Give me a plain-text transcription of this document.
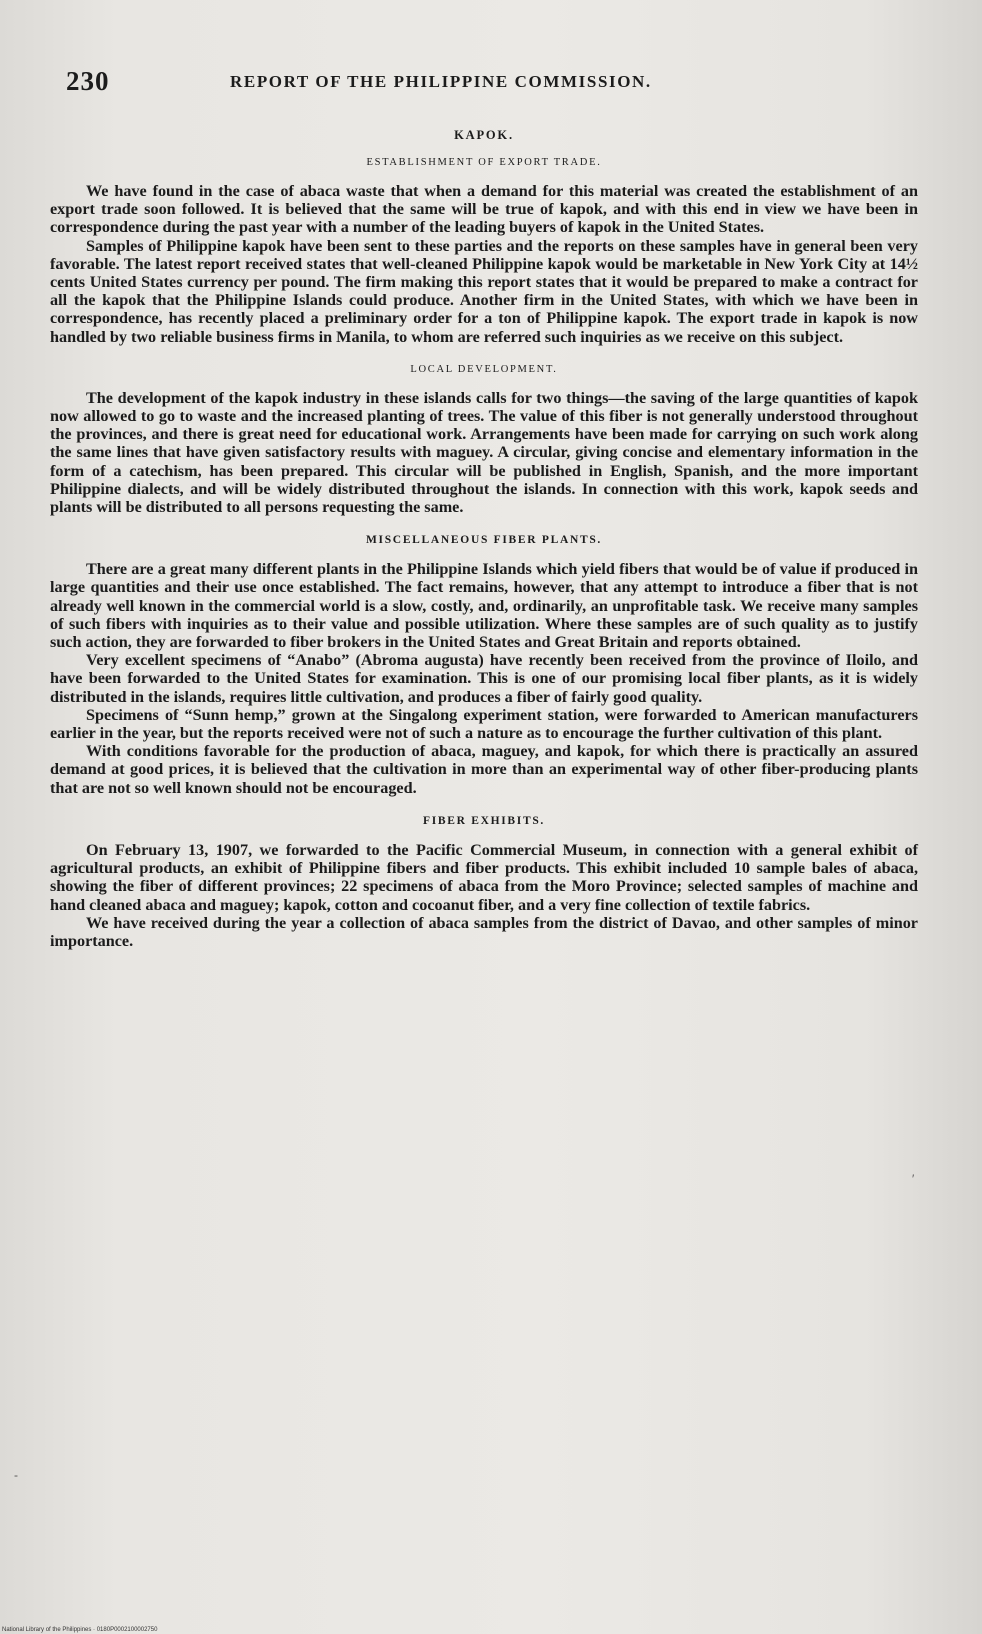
230	REPORT OF THE PHILIPPINE COMMISSION.
KAPOK.
ESTABLISHMENT OF EXPORT TRADE.

We have found in the case of abaca waste that when a demand for this material was created the establishment of an export trade soon followed. It is believed that the same will be true of kapok, and with this end in view we have been in correspondence during the past year with a number of the leading buyers of kapok in the United States.

Samples of Philippine kapok have been sent to these parties and the reports on these samples have in general been very favorable. The latest report received states that well-cleaned Philippine kapok would be marketable in New York City at 14½ cents United States currency per pound. The firm making this report states that it would be prepared to make a contract for all the kapok that the Philippine Islands could produce. Another firm in the United States, with which we have been in correspondence, has recently placed a preliminary order for a ton of Philippine kapok. The export trade in kapok is now handled by two reliable business firms in Manila, to whom are referred such inquiries as we receive on this subject.

LOCAL DEVELOPMENT.

The development of the kapok industry in these islands calls for two things—the saving of the large quantities of kapok now allowed to go to waste and the increased planting of trees. The value of this fiber is not generally understood throughout the provinces, and there is great need for educational work. Arrangements have been made for carrying on such work along the same lines that have given satisfactory results with maguey. A circular, giving concise and elementary information in the form of a catechism, has been prepared. This circular will be published in English, Spanish, and the more important Philippine dialects, and will be widely distributed throughout the islands. In connection with this work, kapok seeds and plants will be distributed to all persons requesting the same.

MISCELLANEOUS FIBER PLANTS.

There are a great many different plants in the Philippine Islands which yield fibers that would be of value if produced in large quantities and their use once established. The fact remains, however, that any attempt to introduce a fiber that is not already well known in the commercial world is a slow, costly, and, ordinarily, an unprofitable task. We receive many samples of such fibers with inquiries as to their value and possible utilization. Where these samples are of such quality as to justify such action, they are forwarded to fiber brokers in the United States and Great Britain and reports obtained.

Very excellent specimens of “Anabo” (Abroma augusta) have recently been received from the province of Iloilo, and have been forwarded to the United States for examination. This is one of our promising local fiber plants, as it is widely distributed in the islands, requires little cultivation, and produces a fiber of fairly good quality.

Specimens of “Sunn hemp,” grown at the Singalong experiment station, were forwarded to American manufacturers earlier in the year, but the reports received were not of such a nature as to encourage the further cultivation of this plant.

With conditions favorable for the production of abaca, maguey, and kapok, for which there is practically an assured demand at good prices, it is believed that the cultivation in more than an experimental way of other fiber-producing plants that are not so well known should not be encouraged.

FIBER EXHIBITS.

On February 13, 1907, we forwarded to the Pacific Commercial Museum, in connection with a general exhibit of agricultural products, an exhibit of Philippine fibers and fiber products. This exhibit included 10 sample bales of abaca, showing the fiber of different provinces; 22 specimens of abaca from the Moro Province; selected samples of machine and hand cleaned abaca and maguey; kapok, cotton and cocoanut fiber, and a very fine collection of textile fabrics.

We have received during the year a collection of abaca samples from the district of Davao, and other samples of minor importance.

′
-
National Library of the Philippines · 0180P0002100002750
